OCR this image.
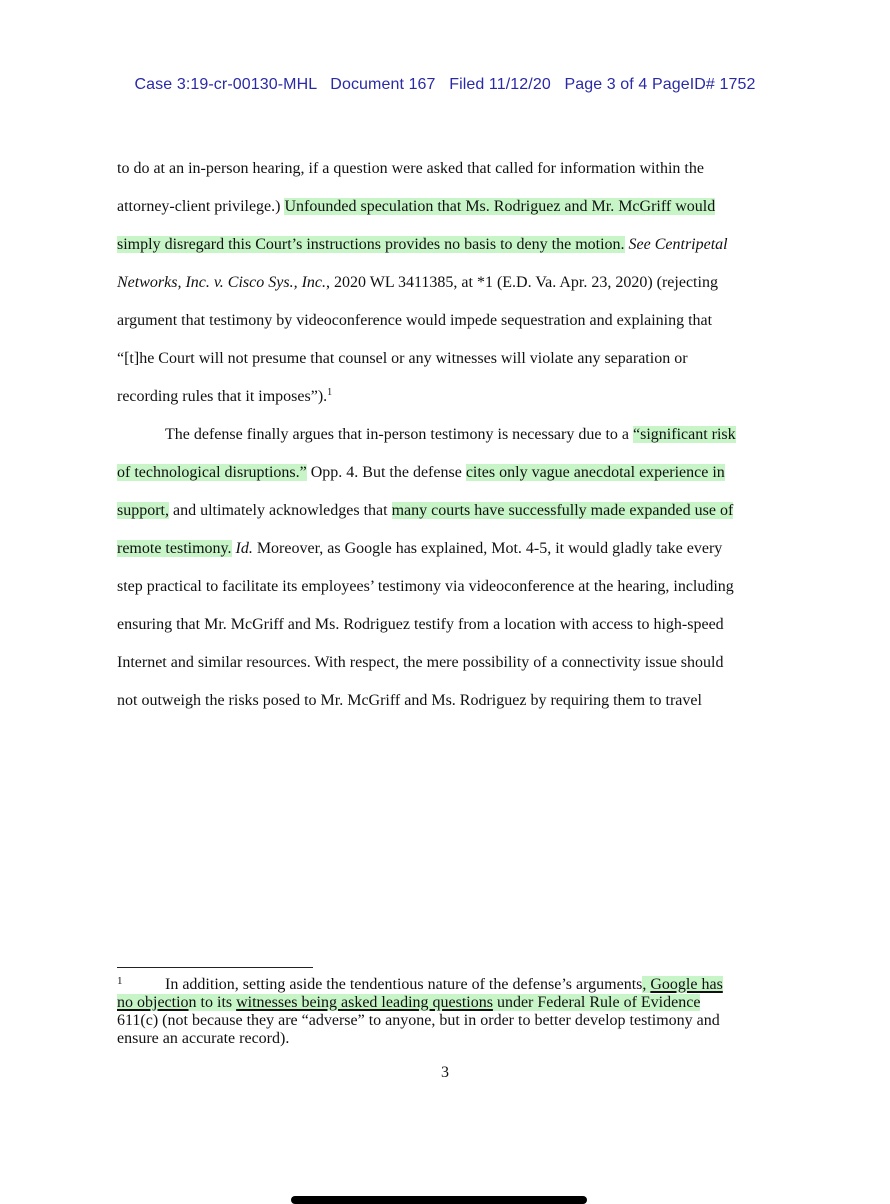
Case 3:19-cr-00130-MHL   Document 167   Filed 11/12/20   Page 3 of 4 PageID# 1752
to do at an in-person hearing, if a question were asked that called for information within the
attorney-client privilege.) Unfounded speculation that Ms. Rodriguez and Mr. McGriff would
simply disregard this Court’s instructions provides no basis to deny the motion. See Centripetal
Networks, Inc. v. Cisco Sys., Inc., 2020 WL 3411385, at *1 (E.D. Va. Apr. 23, 2020) (rejecting
argument that testimony by videoconference would impede sequestration and explaining that
“[t]he Court will not presume that counsel or any witnesses will violate any separation or
recording rules that it imposes”).$^1$
The defense finally argues that in-person testimony is necessary due to a “significant risk
of technological disruptions.” Opp. 4. But the defense cites only vague anecdotal experience in
support, and ultimately acknowledges that many courts have successfully made expanded use of
remote testimony. Id. Moreover, as Google has explained, Mot. 4-5, it would gladly take every
step practical to facilitate its employees’ testimony via videoconference at the hearing, including
ensuring that Mr. McGriff and Ms. Rodriguez testify from a location with access to high-speed
Internet and similar resources. With respect, the mere possibility of a connectivity issue should
not outweigh the risks posed to Mr. McGriff and Ms. Rodriguez by requiring them to travel
1	In addition, setting aside the tendentious nature of the defense’s arguments, Google has
no objection to its witnesses being asked leading questions under Federal Rule of Evidence
611(c) (not because they are “adverse” to anyone, but in order to better develop testimony and
ensure an accurate record).
3
